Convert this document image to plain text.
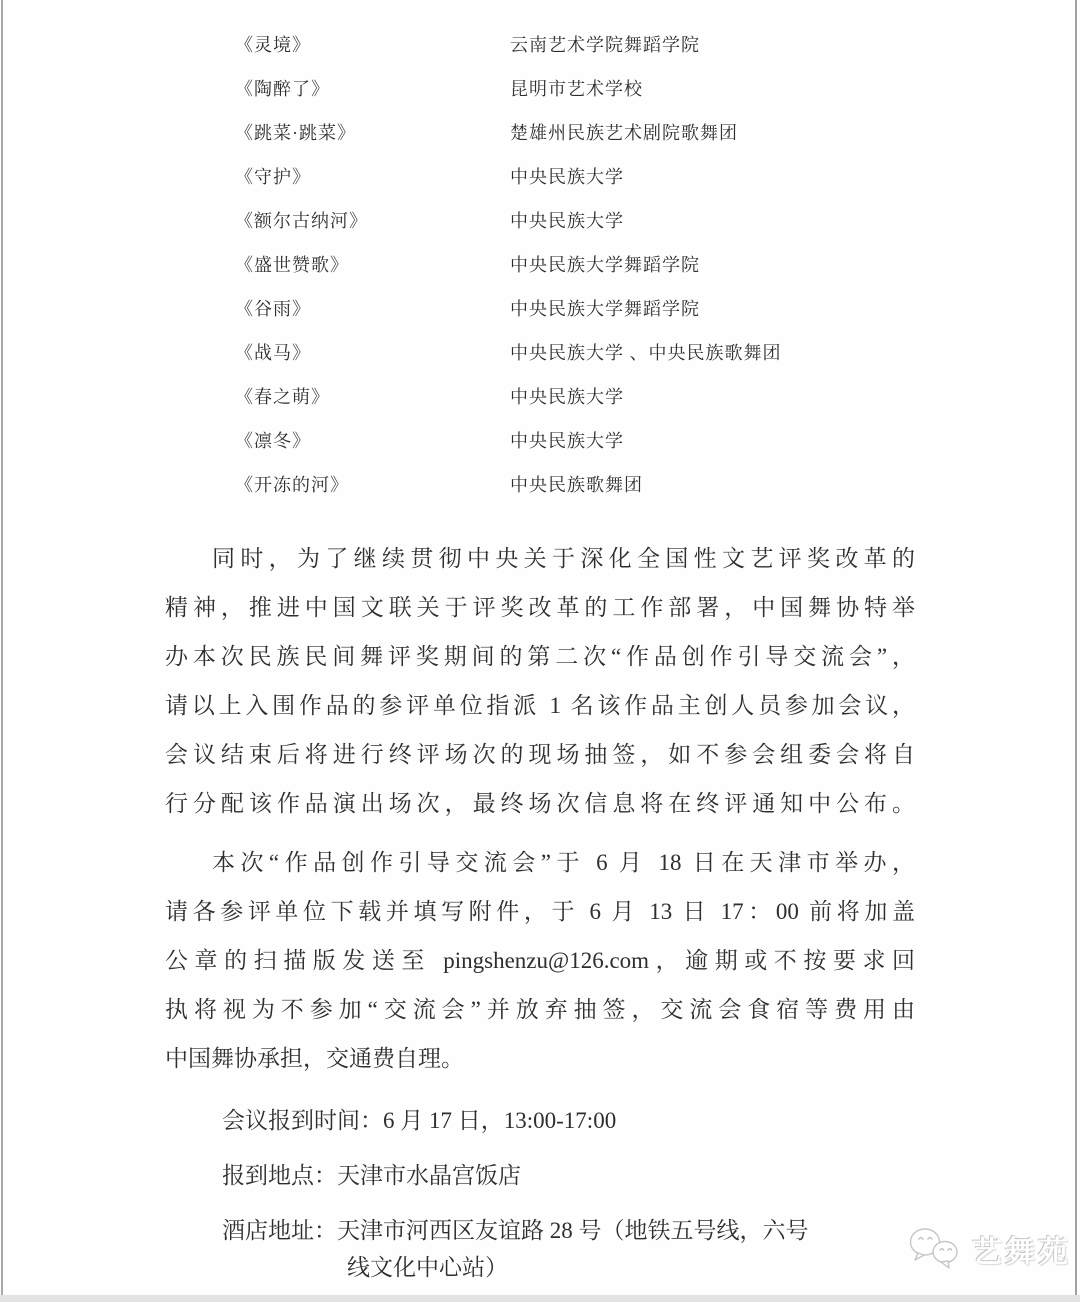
《灵境》	云南艺术学院舞蹈学院
《陶醉了》	昆明市艺术学校
《跳菜·跳菜》	楚雄州民族艺术剧院歌舞团
《守护》	中央民族大学
《额尔古纳河》	中央民族大学
《盛世赞歌》	中央民族大学舞蹈学院
《谷雨》	中央民族大学舞蹈学院
《战马》	中央民族大学 、中央民族歌舞团
《春之萌》	中央民族大学
《凛冬》	中央民族大学
《开冻的河》	中央民族歌舞团
同时，为了继续贯彻中央关于深化全国性文艺评奖改革的
精神，推进中国文联关于评奖改革的工作部署，中国舞协特举
办本次民族民间舞评奖期间的第二次“作品创作引导交流会”，
请以上入围作品的参评单位指派 1 名该作品主创人员参加会议，
会议结束后将进行终评场次的现场抽签，如不参会组委会将自
行分配该作品演出场次，最终场次信息将在终评通知中公布。
本次“作品创作引导交流会”于 6 月 18 日在天津市举办，
请各参评单位下载并填写附件，于 6 月 13 日 17：00 前将加盖
公章的扫描版发送至 pingshenzu@126.com，逾期或不按要求回
执将视为不参加“交流会”并放弃抽签，交流会食宿等费用由
中国舞协承担，交通费自理。
会议报到时间：6 月 17 日，13:00-17:00
报到地点：天津市水晶宫饭店
酒店地址：天津市河西区友谊路 28 号（地铁五号线，六号
线文化中心站）	艺舞苑
